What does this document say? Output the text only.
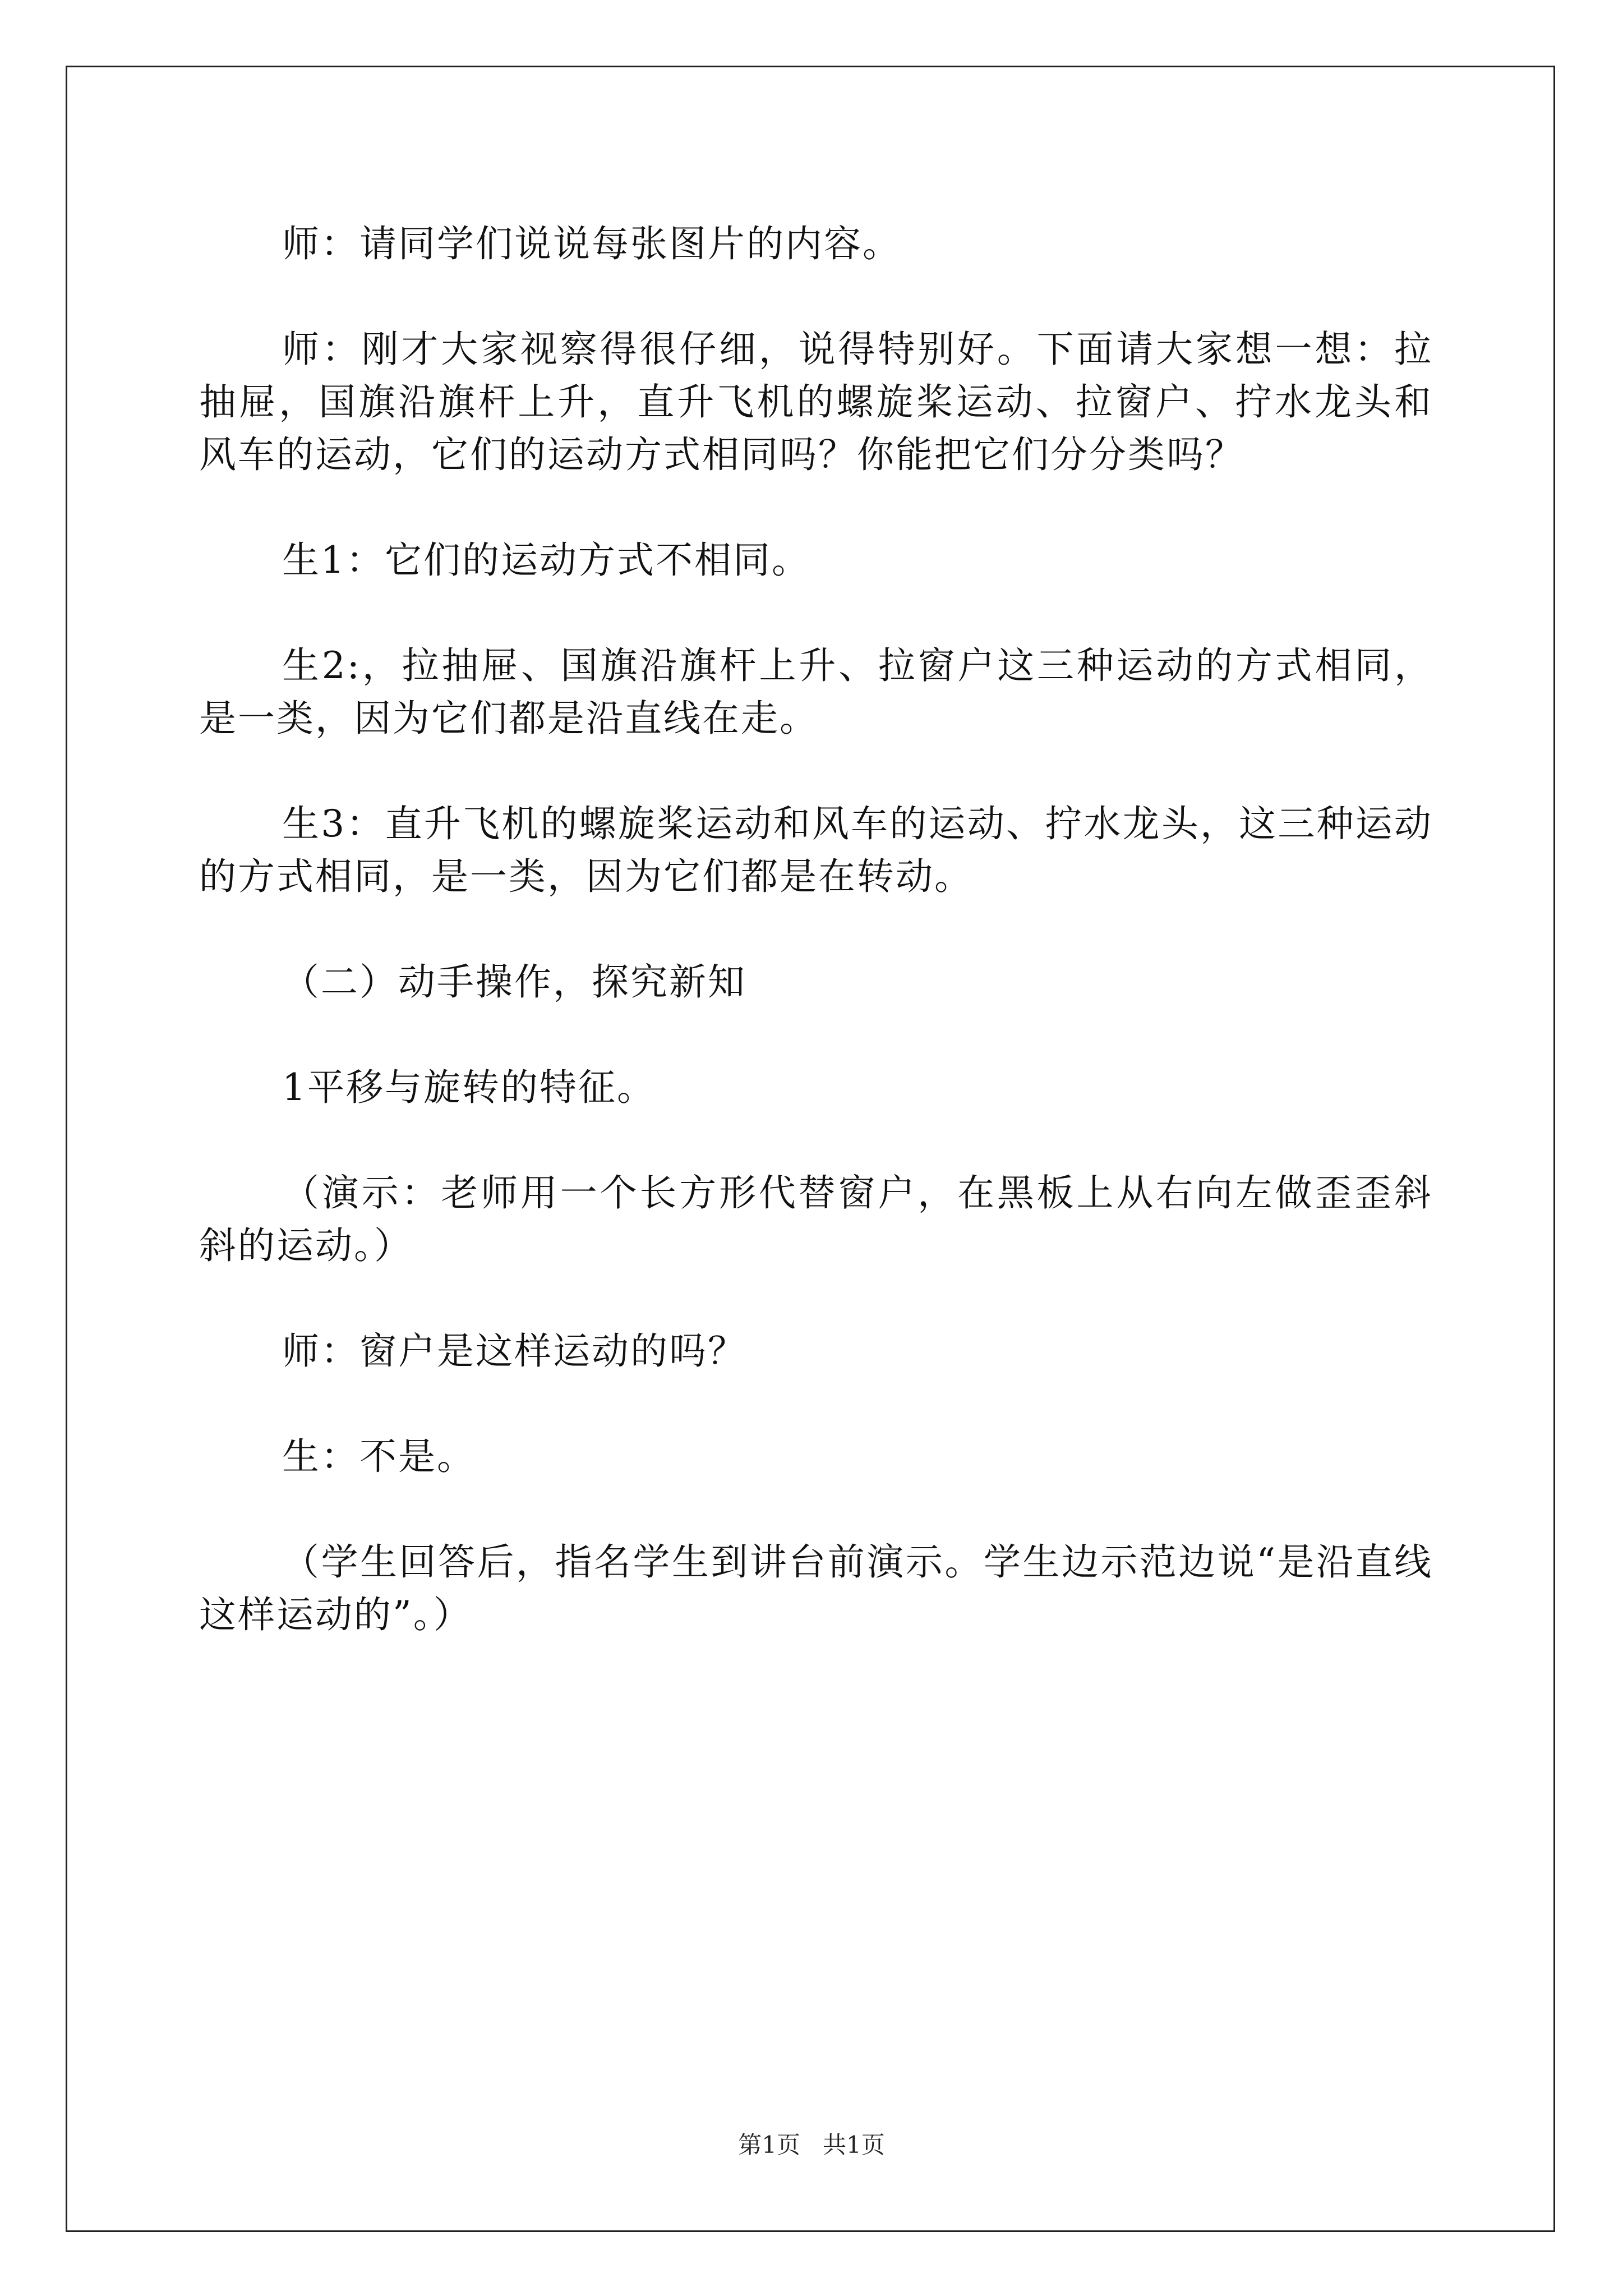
师：请同学们说说每张图片的内容。

师：刚才大家视察得很仔细，说得特别好。下面请大家想一想：拉抽屉，国旗沿旗杆上升，直升飞机的螺旋桨运动、拉窗户、拧水龙头和风车的运动，它们的运动方式相同吗？你能把它们分分类吗？

生1：它们的运动方式不相同。

生2:，拉抽屉、国旗沿旗杆上升、拉窗户这三种运动的方式相同，是一类，因为它们都是沿直线在走。

生3：直升飞机的螺旋桨运动和风车的运动、拧水龙头，这三种运动的方式相同，是一类，因为它们都是在转动。

（二）动手操作，探究新知

1平移与旋转的特征。

（演示：老师用一个长方形代替窗户，在黑板上从右向左做歪歪斜斜的运动。）

师：窗户是这样运动的吗？

生：不是。

（学生回答后，指名学生到讲台前演示。学生边示范边说“是沿直线这样运动的”。）

第1页   共1页
